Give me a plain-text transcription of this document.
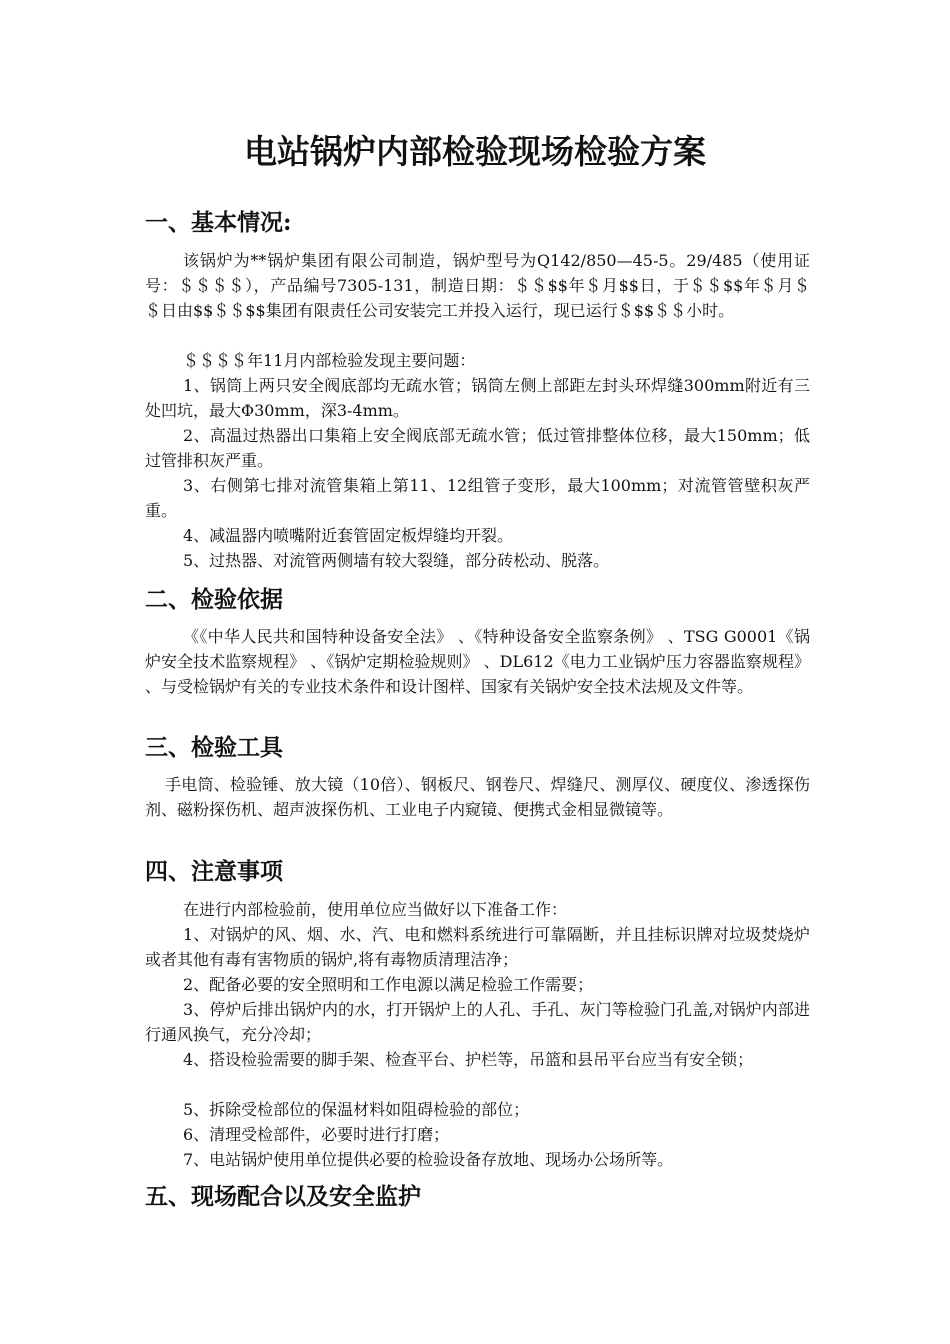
电站锅炉内部检验现场检验方案
一、基本情况:
该锅炉为**锅炉集团有限公司制造，锅炉型号为Q142/850—45-5。29/485（使用证号：＄＄＄＄），产品编号7305-131，制造日期：＄＄$$年＄月$$日，于＄＄$$年＄月＄＄日由$$＄＄$$集团有限责任公司安装完工并投入运行，现已运行＄$$＄＄小时。
＄＄＄＄年11月内部检验发现主要问题：
1、锅筒上两只安全阀底部均无疏水管；锅筒左侧上部距左封头环焊缝300mm附近有三处凹坑，最大Φ30mm，深3-4mm。
2、高温过热器出口集箱上安全阀底部无疏水管；低过管排整体位移，最大150mm；低过管排积灰严重。
3、右侧第七排对流管集箱上第11、12组管子变形，最大100mm；对流管管壁积灰严重。
4、减温器内喷嘴附近套管固定板焊缝均开裂。
5、过热器、对流管两侧墙有较大裂缝，部分砖松动、脱落。
二、检验依据
《《中华人民共和国特种设备安全法》 、《特种设备安全监察条例》 、TSG G0001《锅炉安全技术监察规程》 、《锅炉定期检验规则》 、DL612《电力工业锅炉压力容器监察规程》 、与受检锅炉有关的专业技术条件和设计图样、国家有关锅炉安全技术法规及文件等。
三、检验工具
手电筒、检验锤、放大镜（10倍）、钢板尺、钢卷尺、焊缝尺、测厚仪、硬度仪、渗透探伤剂、磁粉探伤机、超声波探伤机、工业电子内窥镜、便携式金相显微镜等。
四、注意事项
在进行内部检验前，使用单位应当做好以下准备工作：
1、对锅炉的风、烟、水、汽、电和燃料系统进行可靠隔断，并且挂标识牌对垃圾焚烧炉或者其他有毒有害物质的锅炉,将有毒物质清理洁净；
2、配备必要的安全照明和工作电源以满足检验工作需要；
3、停炉后排出锅炉内的水，打开锅炉上的人孔、手孔、灰门等检验门孔盖,对锅炉内部进行通风换气，充分冷却；
4、搭设检验需要的脚手架、检查平台、护栏等，吊篮和县吊平台应当有安全锁；
5、拆除受检部位的保温材料如阻碍检验的部位；
6、清理受检部件，必要时进行打磨；
7、电站锅炉使用单位提供必要的检验设备存放地、现场办公场所等。
五、现场配合以及安全监护
